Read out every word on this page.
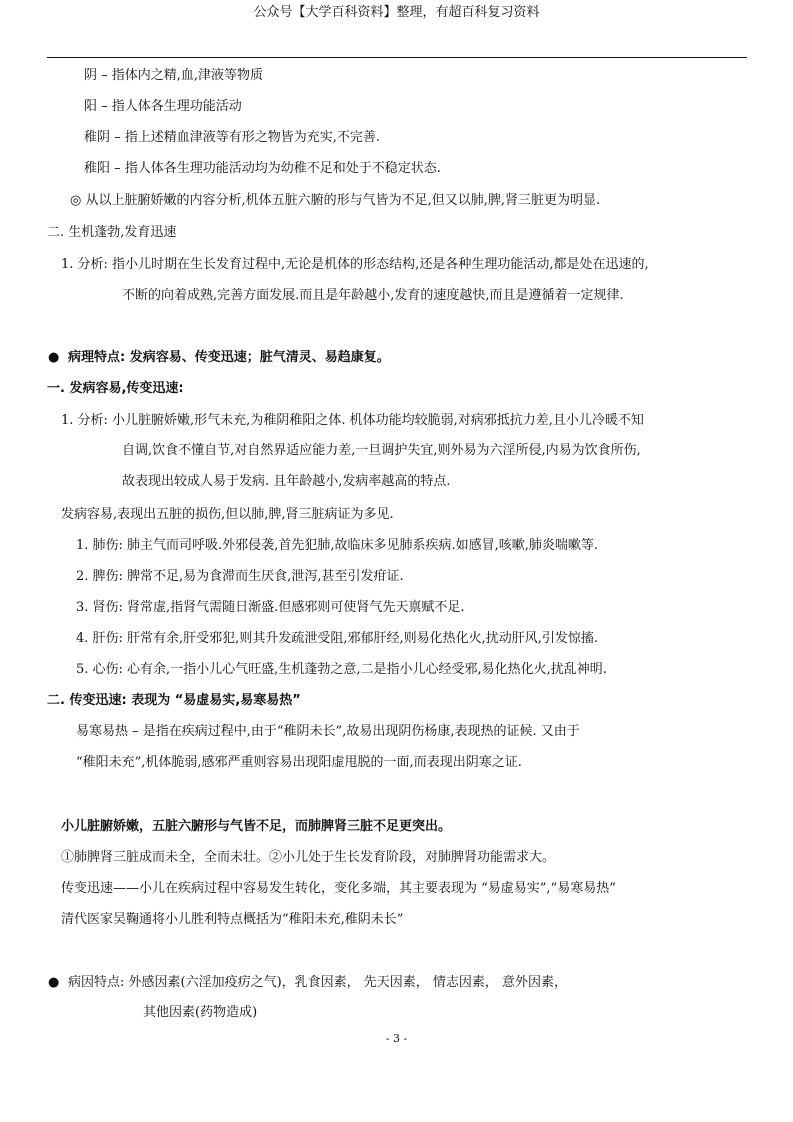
公众号【大学百科资料】整理，有超百科复习资料
阴 – 指体内之精,血,津液等物质
阳 – 指人体各生理功能活动
稚阴 – 指上述精血津液等有形之物皆为充实,不完善.
稚阳 – 指人体各生理功能活动均为幼稚不足和处于不稳定状态.
◎ 从以上脏腑娇嫩的内容分析,机体五脏六腑的形与气皆为不足,但又以肺,脾,肾三脏更为明显.
二. 生机蓬勃,发育迅速
1. 分析: 指小儿时期在生长发育过程中,无论是机体的形态结构,还是各种生理功能活动,都是处在迅速的,
不断的向着成熟,完善方面发展.而且是年龄越小,发育的速度越快,而且是遵循着一定规律.
● 病理特点: 发病容易、传变迅速；脏气清灵、易趋康复。
一. 发病容易,传变迅速:
1. 分析: 小儿脏腑娇嫩,形气未充,为稚阴稚阳之体. 机体功能均较脆弱,对病邪抵抗力差,且小儿冷暖不知
自调,饮食不懂自节,对自然界适应能力差,一旦调护失宜,则外易为六淫所侵,内易为饮食所伤,
故表现出较成人易于发病. 且年龄越小,发病率越高的特点.
发病容易,表现出五脏的损伤,但以肺,脾,肾三脏病证为多见.
1. 肺伤: 肺主气而司呼吸.外邪侵袭,首先犯肺,故临床多见肺系疾病.如感冒,咳嗽,肺炎喘嗽等.
2. 脾伤: 脾常不足,易为食滞而生厌食,泄泻,甚至引发疳证.
3. 肾伤: 肾常虚,指肾气需随日渐盛.但感邪则可使肾气先天禀赋不足.
4. 肝伤: 肝常有余,肝受邪犯,则其升发疏泄受阻,邪郁肝经,则易化热化火,扰动肝风,引发惊搐.
5. 心伤: 心有余,一指小儿心气旺盛,生机蓬勃之意,二是指小儿心经受邪,易化热化火,扰乱神明.
二. 传变迅速: 表现为 “易虚易实,易寒易热”
易寒易热 – 是指在疾病过程中,由于“稚阴未长”,故易出现阴伤杨康,表现热的证候. 又由于
“稚阳未充”,机体脆弱,感邪严重则容易出现阳虚甩脱的一面,而表现出阴寒之证.
小儿脏腑娇嫩，五脏六腑形与气皆不足，而肺脾肾三脏不足更突出。
①肺脾肾三脏成而未全，全而未壮。②小儿处于生长发育阶段，对肺脾肾功能需求大。
传变迅速——小儿在疾病过程中容易发生转化，变化多端，其主要表现为 “易虚易实”,“易寒易热”
清代医家吴鞠通将小儿胜利特点概括为“稚阳未充,稚阴未长”
● 病因特点: 外感因素(六淫加疫疠之气)，乳食因素， 先天因素， 情志因素， 意外因素，
其他因素(药物造成)
- 3 -
